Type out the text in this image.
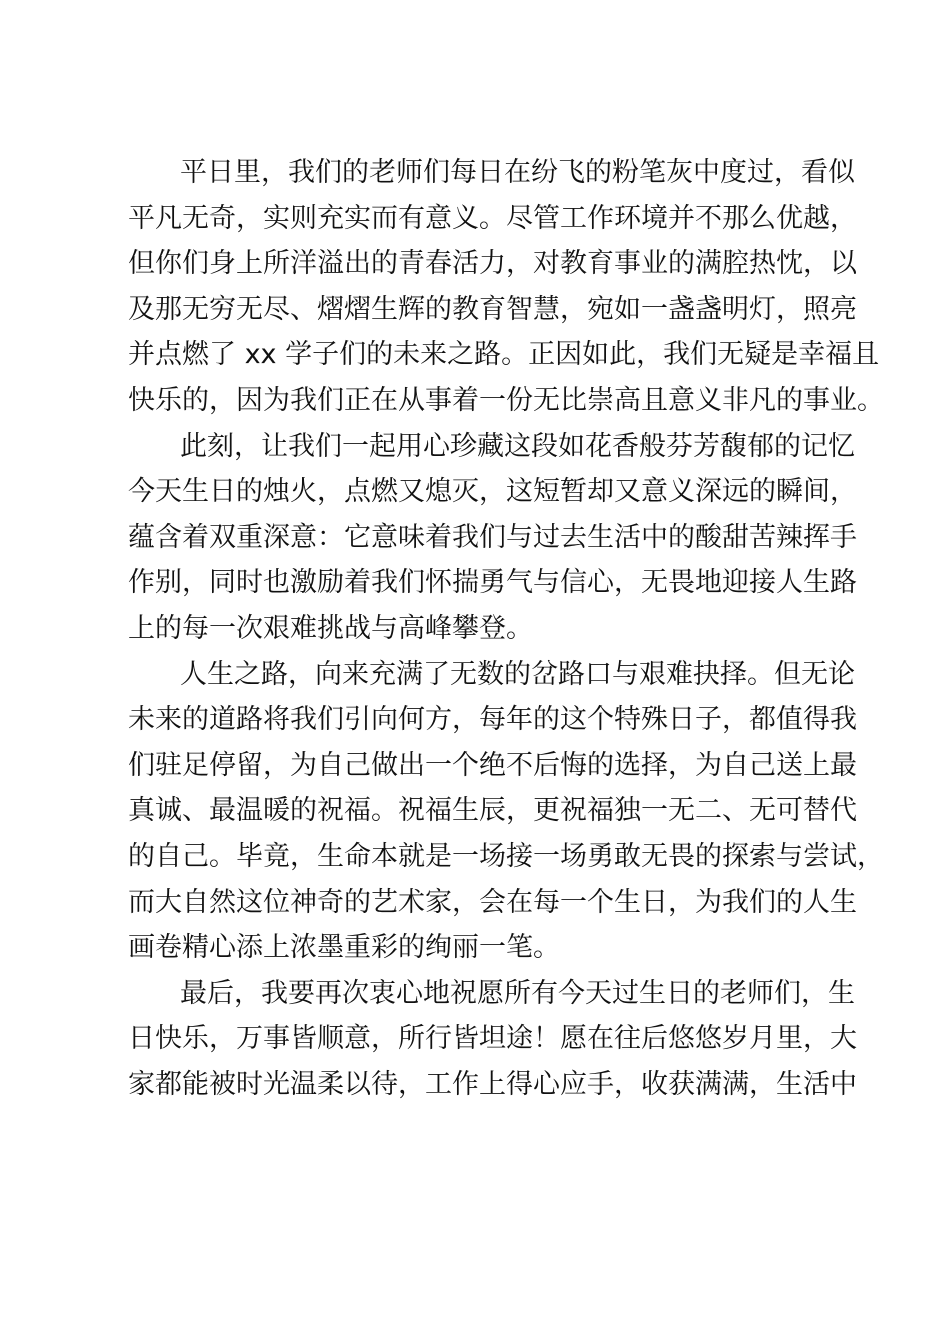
平日里，我们的老师们每日在纷飞的粉笔灰中度过，看似
平凡无奇，实则充实而有意义。尽管工作环境并不那么优越，
但你们身上所洋溢出的青春活力，对教育事业的满腔热忱，以
及那无穷无尽、熠熠生辉的教育智慧，宛如一盏盏明灯，照亮
并点燃了 xx 学子们的未来之路。正因如此，我们无疑是幸福且
快乐的，因为我们正在从事着一份无比崇高且意义非凡的事业。
此刻，让我们一起用心珍藏这段如花香般芬芳馥郁的记忆
今天生日的烛火，点燃又熄灭，这短暂却又意义深远的瞬间，
蕴含着双重深意：它意味着我们与过去生活中的酸甜苦辣挥手
作别，同时也激励着我们怀揣勇气与信心，无畏地迎接人生路
上的每一次艰难挑战与高峰攀登。
人生之路，向来充满了无数的岔路口与艰难抉择。但无论
未来的道路将我们引向何方，每年的这个特殊日子，都值得我
们驻足停留，为自己做出一个绝不后悔的选择，为自己送上最
真诚、最温暖的祝福。祝福生辰，更祝福独一无二、无可替代
的自己。毕竟，生命本就是一场接一场勇敢无畏的探索与尝试，
而大自然这位神奇的艺术家，会在每一个生日，为我们的人生
画卷精心添上浓墨重彩的绚丽一笔。
最后，我要再次衷心地祝愿所有今天过生日的老师们，生
日快乐，万事皆顺意，所行皆坦途！愿在往后悠悠岁月里，大
家都能被时光温柔以待，工作上得心应手，收获满满，生活中
